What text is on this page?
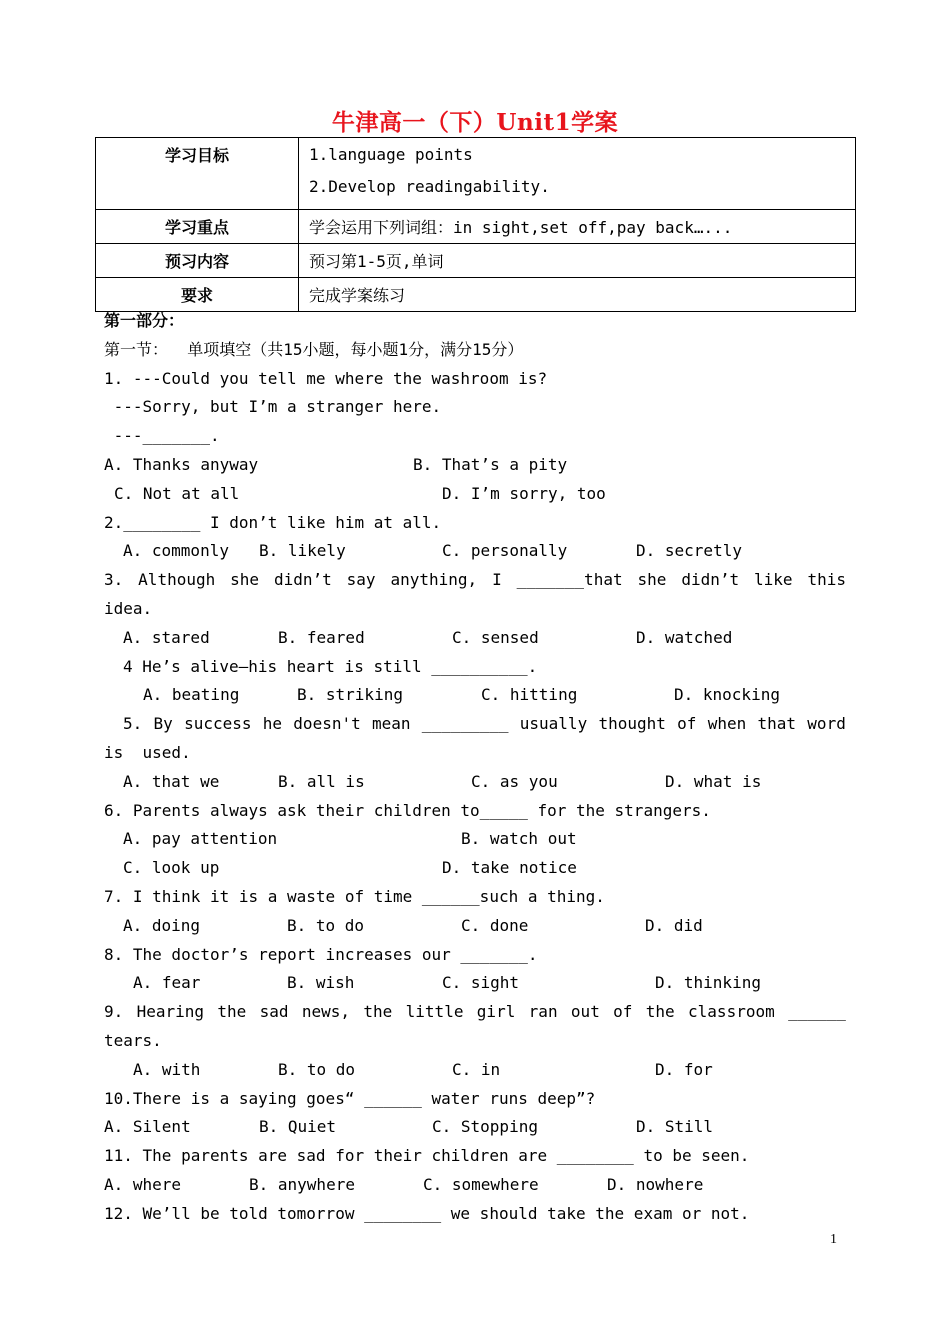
牛津高一（下）Unit1学案
学习目标	1.language points
2.Develop readingability.

学习重点	学会运用下列词组：in sight,set off,pay back…...
预习内容	预习第1-5页,单词
要求	完成学案练习
第一部分：
第一节：  单项填空（共15小题，每小题1分，满分15分）
1. ---Could you tell me where the washroom is?
---Sorry, but I’m a stranger here.
---_______.

A. Thanks anyway

	B. That’s a pity

C. Not at all

	D. I’m sorry, too

2.________ I don’t like him at all.

A. commonly

B. likely

	C. personally

	D. secretly

3. Although she didn’t say anything, I _______that she didn’t like this
idea.

A. stared

	B. feared

	C. sensed

	D. watched

4 He’s alive—his heart is still __________.

A. beating

	B. striking

	C. hitting

	D. knocking

5. By success he doesn't mean _________ usually thought of when that word
is  used.

A. that we

	B. all is

	C. as you

	D. what is

6. Parents always ask their children to_____ for the strangers.

A. pay attention

	B. watch out

C. look up

	D. take notice

7. I think it is a waste of time ______such a thing.

A. doing

	B. to do

	C. done

	D. did

8. The doctor’s report increases our _______.

A. fear

	B. wish

	C. sight

	D. thinking

9. Hearing the sad news, the little girl ran out of the classroom ______
tears.

A. with

	B. to do

	C. in

	D. for

10.There is a saying goes“ ______ water runs deep”?

A. Silent

	B. Quiet

	C. Stopping

	D. Still

11. The parents are sad for their children are ________ to be seen.

A. where

	B. anywhere

	C. somewhere

	D. nowhere

12. We’ll be told tomorrow ________ we should take the exam or not.
1
